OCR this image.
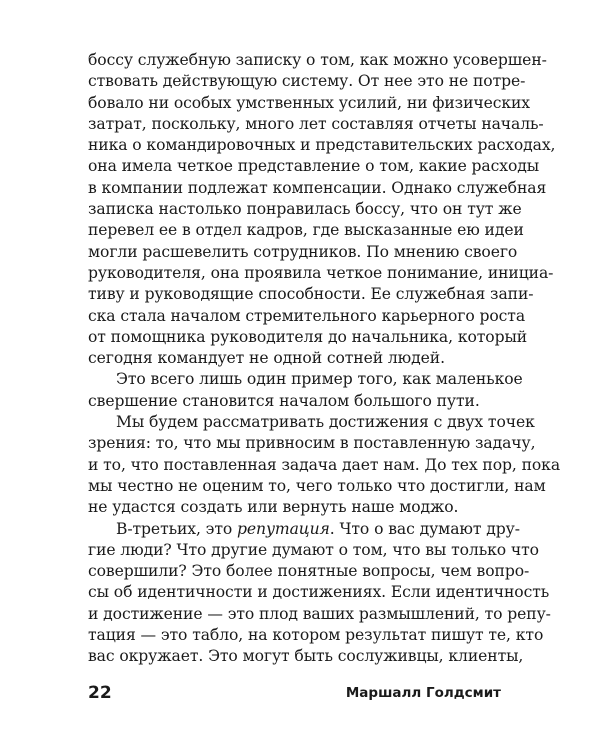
боссу служебную записку о том, как можно усовершен-
ствовать действующую систему. От нее это не потре-
бовало ни особых умственных усилий, ни физических
затрат, поскольку, много лет составляя отчеты началь-
ника о командировочных и представительских расходах,
она имела четкое представление о том, какие расходы
в компании подлежат компенсации. Однако служебная
записка настолько понравилась боссу, что он тут же
перевел ее в отдел кадров, где высказанные ею идеи
могли расшевелить сотрудников. По мнению своего
руководителя, она проявила четкое понимание, инициа-
тиву и руководящие способности. Ее служебная запи-
ска стала началом стремительного карьерного роста
от помощника руководителя до начальника, который
сегодня командует не одной сотней людей.
Это всего лишь один пример того, как маленькое
свершение становится началом большого пути.
Мы будем рассматривать достижения с двух точек
зрения: то, что мы привносим в поставленную задачу,
и то, что поставленная задача дает нам. До тех пор, пока
мы честно не оценим то, чего только что достигли, нам
не удастся создать или вернуть наше моджо.
В-третьих, это репутация. Что о вас думают дру-
гие люди? Что другие думают о том, что вы только что
совершили? Это более понятные вопросы, чем вопро-
сы об идентичности и достижениях. Если идентичность
и достижение — это плод ваших размышлений, то репу-
тация — это табло, на котором результат пишут те, кто
вас окружает. Это могут быть сослуживцы, клиенты,
22	Маршалл Голдсмит
